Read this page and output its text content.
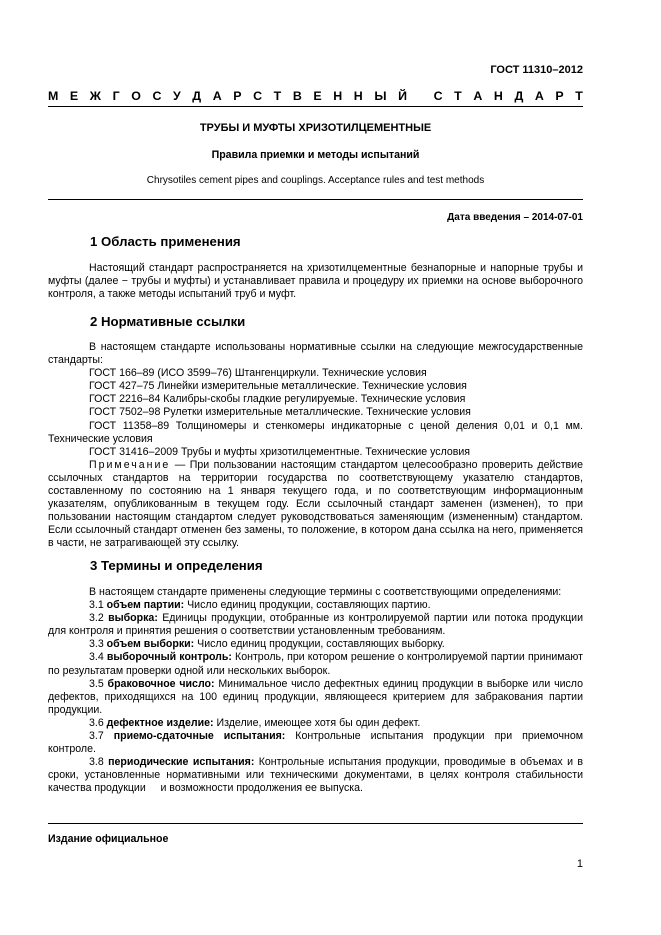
ГОСТ 11310–2012
М Е Ж Г О С У Д А Р С Т В Е Н Н Ы Й
С Т А Н Д А Р Т
ТРУБЫ И МУФТЫ ХРИЗОТИЛЦЕМЕНТНЫЕ
Правила приемки и методы испытаний
Chrysotiles cement pipes and couplings. Acceptance rules and test methods
Дата введения – 2014-07-01
1 Область применения
Настоящий стандарт распространяется на хризотилцементные безнапорные и напорные трубы и муфты (далее − трубы и муфты) и устанавливает правила и процедуру их приемки на основе выборочного контроля, а также методы испытаний труб и муфт.
2 Нормативные ссылки

В настоящем стандарте использованы нормативные ссылки на следующие межгосударственные стандарты:

ГОСТ 166–89 (ИСО 3599–76) Штангенциркули. Технические условия

ГОСТ 427–75 Линейки измерительные металлические. Технические условия

ГОСТ 2216–84 Калибры-скобы гладкие регулируемые. Технические условия

ГОСТ 7502–98 Рулетки измерительные металлические. Технические условия

ГОСТ 11358–89 Толщиномеры и стенкомеры индикаторные с ценой деления 0,01 и 0,1 мм. Технические условия

ГОСТ 31416–2009 Трубы и муфты хризотилцементные. Технические условия

Примечание — При пользовании настоящим стандартом целесообразно проверить действие ссылочных стандартов на территории государства по соответствующему указателю стандартов, составленному по состоянию на 1 января текущего года, и по соответствующим информационным указателям, опубликованным в текущем году. Если ссылочный стандарт заменен (изменен), то при пользовании настоящим стандартом следует руководствоваться заменяющим (измененным) стандартом. Если ссылочный стандарт отменен без замены, то положение, в котором дана ссылка на него, применяется в части, не затрагивающей эту ссылку.

3 Термины и определения

В настоящем стандарте применены следующие термины с соответствующими определениями:

3.1 объем партии: Число единиц продукции, составляющих партию.

3.2 выборка: Единицы продукции, отобранные из контролируемой партии или потока продукции для контроля и принятия решения о соответствии установленным требованиям.

3.3 объем выборки: Число единиц продукции, составляющих выборку.

3.4 выборочный контроль: Контроль, при котором решение о контролируемой партии принимают по результатам проверки одной или нескольких выборок.

3.5 браковочное число: Минимальное число дефектных единиц продукции в выборке или число дефектов, приходящихся на 100 единиц продукции, являющееся критерием для забракования партии продукции.

3.6 дефектное изделие: Изделие, имеющее хотя бы один дефект.

3.7 приемо-сдаточные испытания: Контрольные испытания продукции при приемочном контроле.

3.8 периодические испытания: Контрольные испытания продукции, проводимые в объемах и в сроки, установленные нормативными или техническими документами, в целях контроля стабильности качества продукции     и возможности продолжения ее выпуска.

Издание официальное
1
